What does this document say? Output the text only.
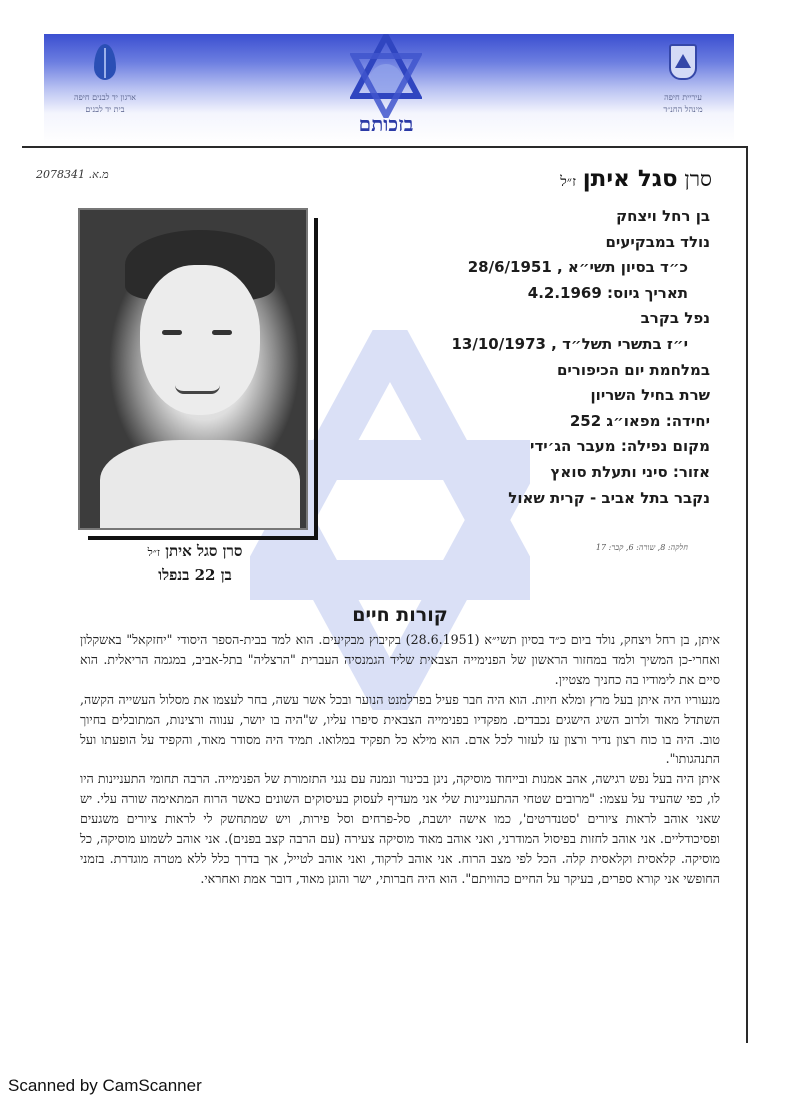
ארגון יד לבנים חיפה
בית יד לבנים
בזכותם
עיריית חיפה
מינהל החנ״ד
2078341 .מ.א	סרן סגל איתן ז״ל
סרן סגל איתן ז״ל
בן 22 בנפלו
בן רחל ויצחק
נולד במבקיעים
כ״ד בסיון תשי״א , 28/6/1951
תאריך גיוס: 4.2.1969
נפל בקרב
י״ז בתשרי תשל״ד , 13/10/1973
במלחמת יום הכיפורים
שרת בחיל השריון
יחידה: מפאו״ג 252
מקום נפילה: מעבר הג׳ידי
אזור: סיני ותעלת סואץ
נקבר בתל אביב - קרית שאול
חלקה: 8, שורה: 6, קבר: 17
קורות חיים

איתן, בן רחל ויצחק, נולד ביום כ״ד בסיון תשי״א (28.6.1951) בקיבוץ מבקיעים. הוא למד בבית-הספר היסודי "יחזקאל" באשקלון ואחרי-כן המשיך ולמד במחזור הראשון של הפנימייה הצבאית שליד הגמנסיה העברית "הרצליה" בתל-אביב, במגמה הריאלית. הוא סיים את לימודיו בה כחניך מצטיין.

מנעוריו היה איתן בעל מרץ ומלא חיות. הוא היה חבר פעיל בפרלמנט הנוער ובכל אשר עשה, בחר לעצמו את מסלול העשייה הקשה, השתדל מאוד ולרוב השיג הישגים נכבדים. מפקדיו בפנימייה הצבאית סיפרו עליו, ש"היה בו יושר, ענווה ורצינות, המתובלים בחיוך טוב. היה בו כוח רצון נדיר ורצון עז לעזור לכל אדם. הוא מילא כל תפקיד במלואו. תמיד היה מסודר מאוד, והקפיד על הופעתו ועל התנהגותו".

איתן היה בעל נפש רגישה, אהב אמנות ובייחוד מוסיקה, ניגן בכינור ונמנה עם נגני התזמורת של הפנימייה. הרבה תחומי התעניינות היו לו, כפי שהעיד על עצמו: "מרובים שטחי ההתעניינות שלי אני מעדיף לעסוק בעיסוקים השונים כאשר הרוח המתאימה שורה עלי. יש שאני אוהב לראות ציורים 'סטנדרטים', כמו אישה יושבת, סל-פרחים וסל פירות, ויש שמתחשק לי לראות ציורים משגעים ופסיכודליים. אני אוהב לחזות בפיסול המודרני, ואני אוהב מאוד מוסיקה צעירה (עם הרבה קצב בפנים). אני אוהב לשמוע מוסיקה, כל מוסיקה. קלאסית וקלאסית קלה. הכל לפי מצב הרוח. אני אוהב לרקוד, ואני אוהב לטייל, אך בדרך כלל ללא מטרה מוגדרת. בזמני החופשי אני קורא ספרים, בעיקר על החיים כהוויתם". הוא היה חברותי, ישר והוגן מאוד, דובר אמת ואחראי.

Scanned by CamScanner
